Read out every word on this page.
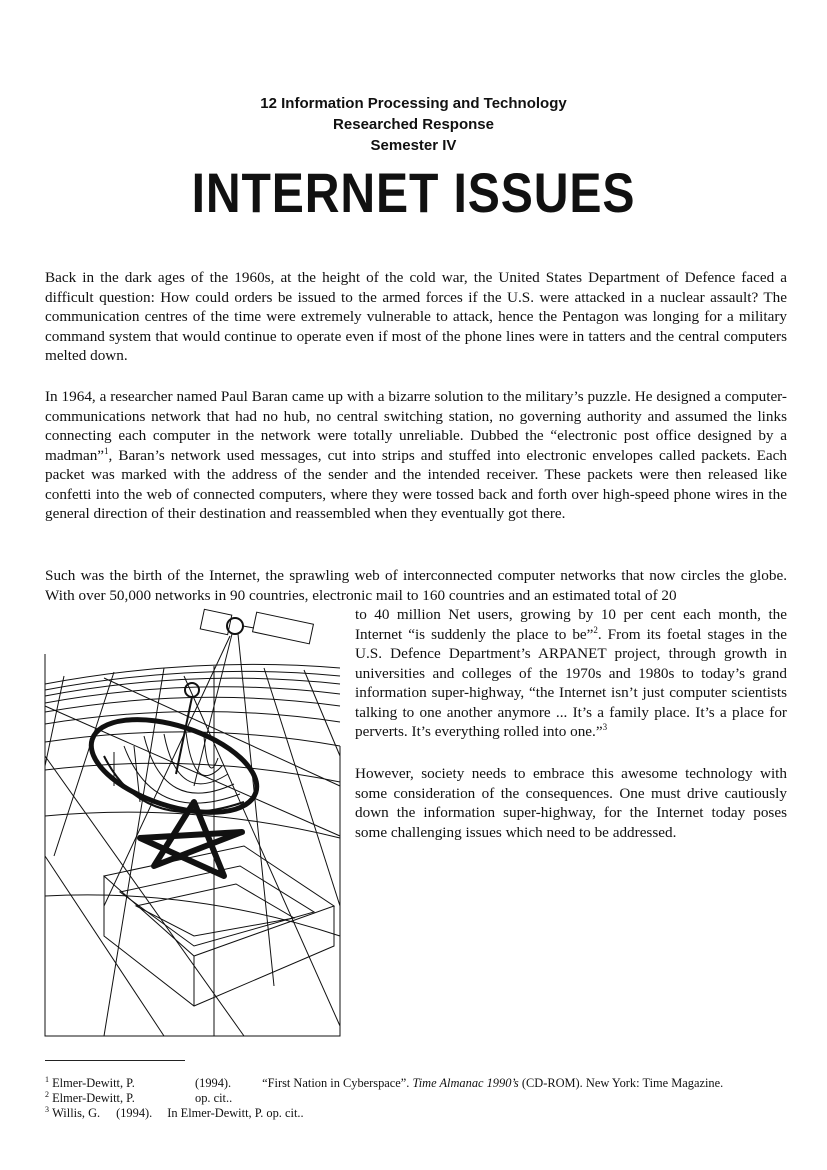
12 Information Processing and Technology
Researched Response
Semester IV
INTERNET ISSUES

Back in the dark ages of the 1960s, at the height of the cold war, the United States Department of Defence faced a difficult question: How could orders be issued to the armed forces if the U.S. were attacked in a nuclear assault? The communication centres of the time were extremely vulnerable to attack, hence the Pentagon was longing for a military command system that would continue to operate even if most of the phone lines were in tatters and the central computers melted down.

In 1964, a researcher named Paul Baran came up with a bizarre solution to the military’s puzzle. He designed a computer-communications network that had no hub, no central switching station, no governing authority and assumed the links connecting each computer in the network were totally unreliable. Dubbed the “electronic post office designed by a madman”$^1$, Baran’s network used messages, cut into strips and stuffed into electronic envelopes called packets. Each packet was marked with the address of the sender and the intended receiver. These packets were then released like confetti into the web of connected computers, where they were tossed back and forth over high-speed phone wires in the general direction of their destination and reassembled when they eventually got there.

Such was the birth of the Internet, the sprawling web of interconnected computer networks that now circles the globe. With over 50,000 networks in 90 countries, electronic mail to 160 countries and an estimated total of 20

to 40 million Net users, growing by 10 per cent each month, the Internet “is suddenly the place to be”$^2$. From its foetal stages in the U.S. Defence Department’s ARPANET project, through growth in universities and colleges of the 1970s and 1980s to today’s grand information super-highway, “the Internet isn’t just computer scientists talking to one another anymore ... It’s a family place. It’s a place for perverts. It’s everything rolled into one.”$^3$

However, society needs to embrace this awesome technology with some consideration of the consequences. One must drive cautiously down the information super-highway, for the Internet today poses some challenging issues which need to be addressed.

$^1$ Elmer-Dewitt, P.	(1994). “First Nation in Cyberspace”. Time Almanac 1990’s (CD-ROM). New York: Time Magazine.
$^2$ Elmer-Dewitt, P.	op. cit..
$^3$ Willis, G. (1994). In Elmer-Dewitt, P. op. cit..
